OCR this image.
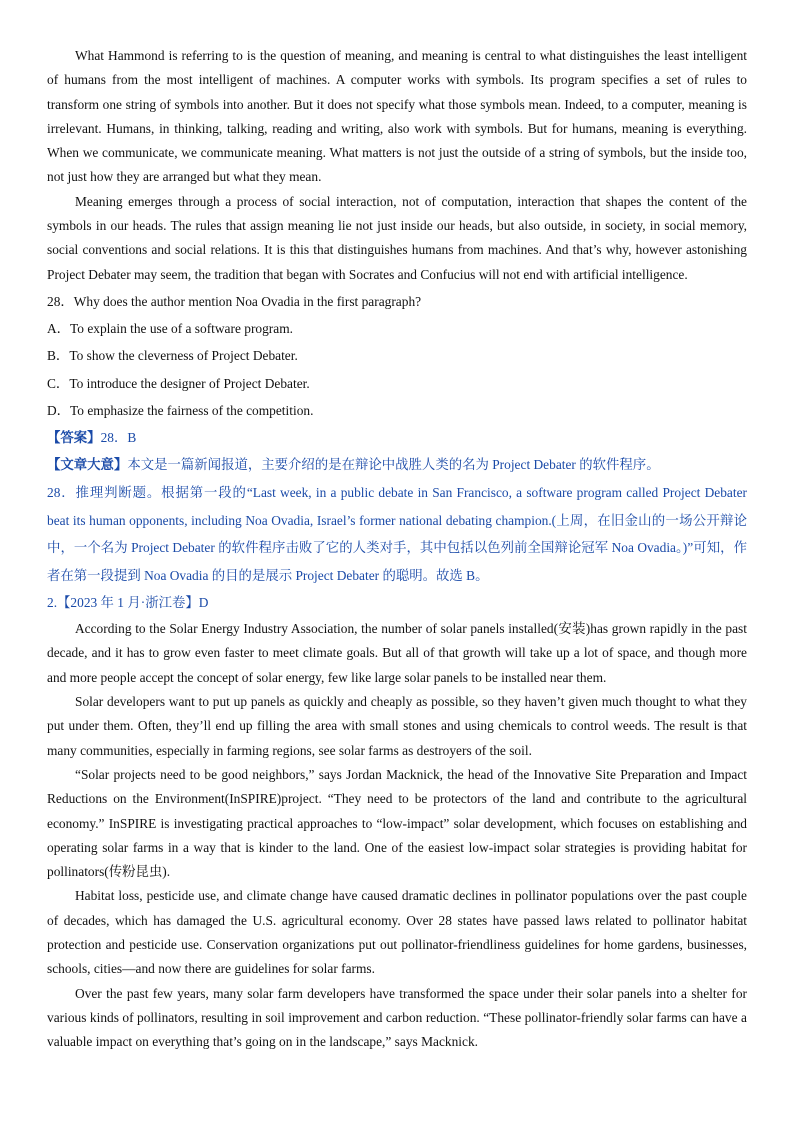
What Hammond is referring to is the question of meaning, and meaning is central to what distinguishes the least intelligent of humans from the most intelligent of machines. A computer works with symbols. Its program specifies a set of rules to transform one string of symbols into another. But it does not specify what those symbols mean. Indeed, to a computer, meaning is irrelevant. Humans, in thinking, talking, reading and writing, also work with symbols. But for humans, meaning is everything. When we communicate, we communicate meaning. What matters is not just the outside of a string of symbols, but the inside too, not just how they are arranged but what they mean.

Meaning emerges through a process of social interaction, not of computation, interaction that shapes the content of the symbols in our heads. The rules that assign meaning lie not just inside our heads, but also outside, in society, in social memory, social conventions and social relations. It is this that distinguishes humans from machines. And that’s why, however astonishing Project Debater may seem, the tradition that began with Socrates and Confucius will not end with artificial intelligence.

28．Why does the author mention Noa Ovadia in the first paragraph?

A．To explain the use of a software program.

B．To show the cleverness of Project Debater.

C．To introduce the designer of Project Debater.

D．To emphasize the fairness of the competition.

【答案】28．B

【文章大意】本文是一篇新闻报道，主要介绍的是在辩论中战胜人类的名为 Project Debater 的软件程序。

28．推理判断题。根据第一段的“Last week, in a public debate in San Francisco, a software program called Project Debater beat its human opponents, including Noa Ovadia, Israel’s former national debating champion.(上周，在旧金山的一场公开辩论中，一个名为 Project Debater 的软件程序击败了它的人类对手，其中包括以色列前全国辩论冠军 Noa Ovadia。)”可知，作者在第一段提到 Noa Ovadia 的目的是展示 Project Debater 的聪明。故选 B。

2.【2023 年 1 月·浙江卷】D

According to the Solar Energy Industry Association, the number of solar panels installed(安装)has grown rapidly in the past decade, and it has to grow even faster to meet climate goals. But all of that growth will take up a lot of space, and though more and more people accept the concept of solar energy, few like large solar panels to be installed near them.

Solar developers want to put up panels as quickly and cheaply as possible, so they haven’t given much thought to what they put under them. Often, they’ll end up filling the area with small stones and using chemicals to control weeds. The result is that many communities, especially in farming regions, see solar farms as destroyers of the soil.

“Solar projects need to be good neighbors,” says Jordan Macknick, the head of the Innovative Site Preparation and Impact Reductions on the Environment(InSPIRE)project. “They need to be protectors of the land and contribute to the agricultural economy.” InSPIRE is investigating practical approaches to “low-impact” solar development, which focuses on establishing and operating solar farms in a way that is kinder to the land. One of the easiest low-impact solar strategies is providing habitat for pollinators(传粉昆虫).

Habitat loss, pesticide use, and climate change have caused dramatic declines in pollinator populations over the past couple of decades, which has damaged the U.S. agricultural economy. Over 28 states have passed laws related to pollinator habitat protection and pesticide use. Conservation organizations put out pollinator-friendliness guidelines for home gardens, businesses, schools, cities—and now there are guidelines for solar farms.

Over the past few years, many solar farm developers have transformed the space under their solar panels into a shelter for various kinds of pollinators, resulting in soil improvement and carbon reduction. “These pollinator-friendly solar farms can have a valuable impact on everything that’s going on in the landscape,” says Macknick.
